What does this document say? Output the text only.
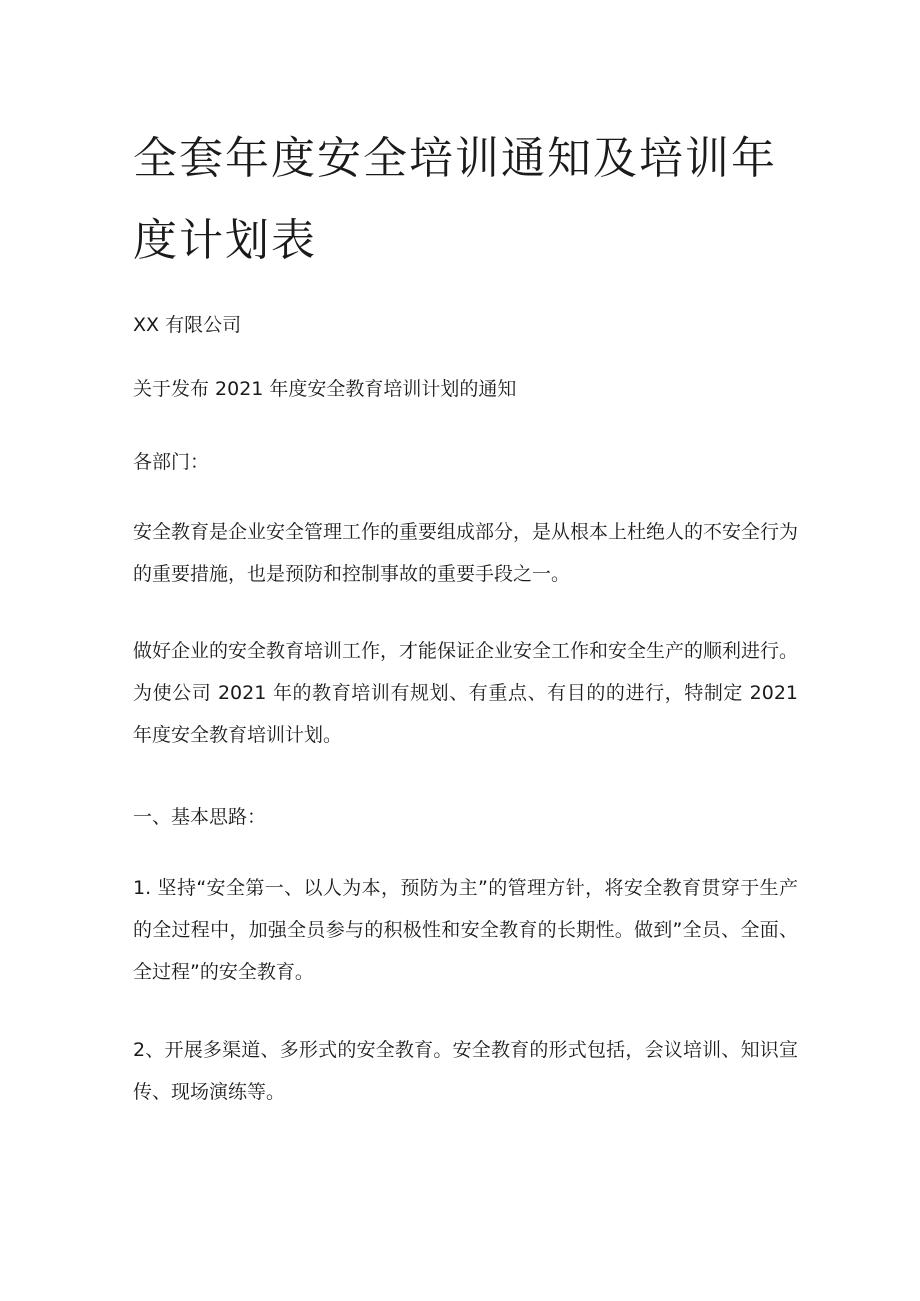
全套年度安全培训通知及培训年度计划表

XX 有限公司

关于发布 2021 年度安全教育培训计划的通知

各部门：

安全教育是企业安全管理工作的重要组成部分，是从根本上杜绝人的不安全行为的重要措施，也是预防和控制事故的重要手段之一。

做好企业的安全教育培训工作，才能保证企业安全工作和安全生产的顺利进行。为使公司 2021 年的教育培训有规划、有重点、有目的的进行，特制定 2021 年度安全教育培训计划。

一、基本思路：

1. 坚持“安全第一、以人为本，预防为主”的管理方针，将安全教育贯穿于生产的全过程中，加强全员参与的积极性和安全教育的长期性。做到”全员、全面、全过程”的安全教育。

2、开展多渠道、多形式的安全教育。安全教育的形式包括，会议培训、知识宣传、现场演练等。
